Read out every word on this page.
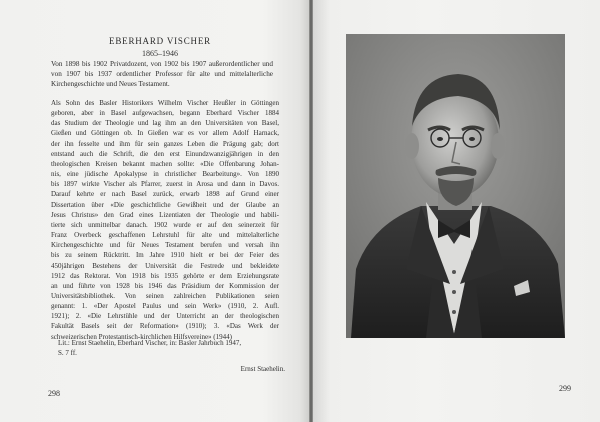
EBERHARD VISCHER
1865–1946
Von 1898 bis 1902 Privatdozent, von 1902 bis 1907 außerordentlicher und von 1907 bis 1937 ordentlicher Professor für alte und mittelalterliche Kirchengeschichte und Neues Testament.
Als Sohn des Basler Historikers Wilhelm Vischer Heußler in Göttingen
geboren, aber in Basel aufgewachsen, begann Eberhard Vischer 1884
das Studium der Theologie und lag ihm an den Universitäten von Basel,
Gießen und Göttingen ob. In Gießen war es vor allem Adolf Harnack,
der ihn fesselte und ihm für sein ganzes Leben die Prägung gab; dort
entstand auch die Schrift, die den erst Einundzwanzigjährigen in den
theologischen Kreisen bekannt machen sollte: «Die Offenbarung Johan-
nis, eine jüdische Apokalypse in christlicher Bearbeitung». Von 1890
bis 1897 wirkte Vischer als Pfarrer, zuerst in Arosa und dann in Davos.
Darauf kehrte er nach Basel zurück, erwarb 1898 auf Grund einer
Dissertation über «Die geschichtliche Gewißheit und der Glaube an
Jesus Christus» den Grad eines Lizentiaten der Theologie und habili-
tierte sich unmittelbar danach. 1902 wurde er auf den seinerzeit für
Franz Overbeck geschaffenen Lehrstuhl für alte und mittelalterliche
Kirchengeschichte und für Neues Testament berufen und versah ihn
bis zu seinem Rücktritt. Im Jahre 1910 hielt er bei der Feier des
450jährigen Bestehens der Universität die Festrede und bekleidete
1912 das Rektorat. Von 1918 bis 1935 gehörte er dem Erziehungsrate
an und führte von 1928 bis 1946 das Präsidium der Kommission der
Universitätsbibliothek. Von seinen zahlreichen Publikationen seien
genannt: 1. «Der Apostel Paulus und sein Werk» (1910, 2. Aufl.
1921); 2. «Die Lehrstühle und der Unterricht an der theologischen
Fakultät Basels seit der Reformation» (1910); 3. «Das Werk der
schweizerischen Protestantisch-kirchlichen Hilfsvereine» (1944)
Lit.: Ernst Staehelin, Eberhard Vischer, in: Basler Jahrbuch 1947,
S. 7 ff.
Ernst Staehelin.
298
299
